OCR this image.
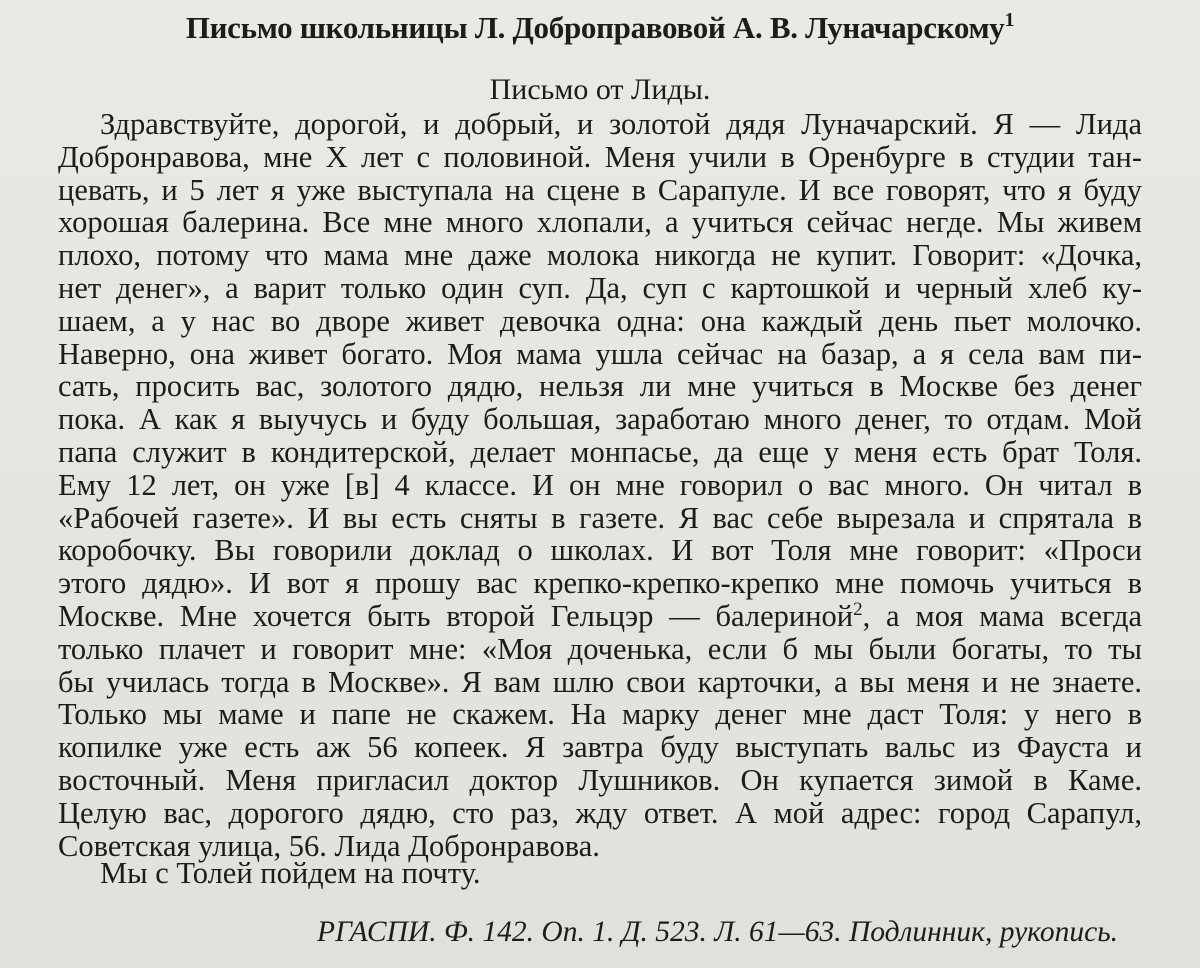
Письмо школьницы Л. Доброправовой А. В. Луначарскому$^1$
Письмо от Лиды.
Здравствуйте, дорогой, и добрый, и золотой дядя Луначарский. Я — Лида
Добронравова, мне X лет с половиной. Меня учили в Оренбурге в студии тан-
цевать, и 5 лет я уже выступала на сцене в Сарапуле. И все говорят, что я буду
хорошая балерина. Все мне много хлопали, а учиться сейчас негде. Мы живем
плохо, потому что мама мне даже молока никогда не купит. Говорит: «Дочка,
нет денег», а варит только один суп. Да, суп с картошкой и черный хлеб ку-
шаем, а у нас во дворе живет девочка одна: она каждый день пьет молочко.
Наверно, она живет богато. Моя мама ушла сейчас на базар, а я села вам пи-
сать, просить вас, золотого дядю, нельзя ли мне учиться в Москве без денег
пока. А как я выучусь и буду большая, заработаю много денег, то отдам. Мой
папа служит в кондитерской, делает монпасье, да еще у меня есть брат Толя.
Ему 12 лет, он уже [в] 4 классе. И он мне говорил о вас много. Он читал в
«Рабочей газете». И вы есть сняты в газете. Я вас себе вырезала и спрятала в
коробочку. Вы говорили доклад о школах. И вот Толя мне говорит: «Проси
этого дядю». И вот я прошу вас крепко-крепко-крепко мне помочь учиться в
Москве. Мне хочется быть второй Гельцэр — балериной$^2$, а моя мама всегда
только плачет и говорит мне: «Моя доченька, если б мы были богаты, то ты
бы училась тогда в Москве». Я вам шлю свои карточки, а вы меня и не знаете.
Только мы маме и папе не скажем. На марку денег мне даст Толя: у него в
копилке уже есть аж 56 копеек. Я завтра буду выступать вальс из Фауста и
восточный. Меня пригласил доктор Лушников. Он купается зимой в Каме.
Целую вас, дорогого дядю, сто раз, жду ответ. А мой адрес: город Сарапул,
Советская улица, 56. Лида Добронравова.
Мы с Толей пойдем на почту.
РГАСПИ. Ф. 142. Оп. 1. Д. 523. Л. 61—63. Подлинник, рукопись.
